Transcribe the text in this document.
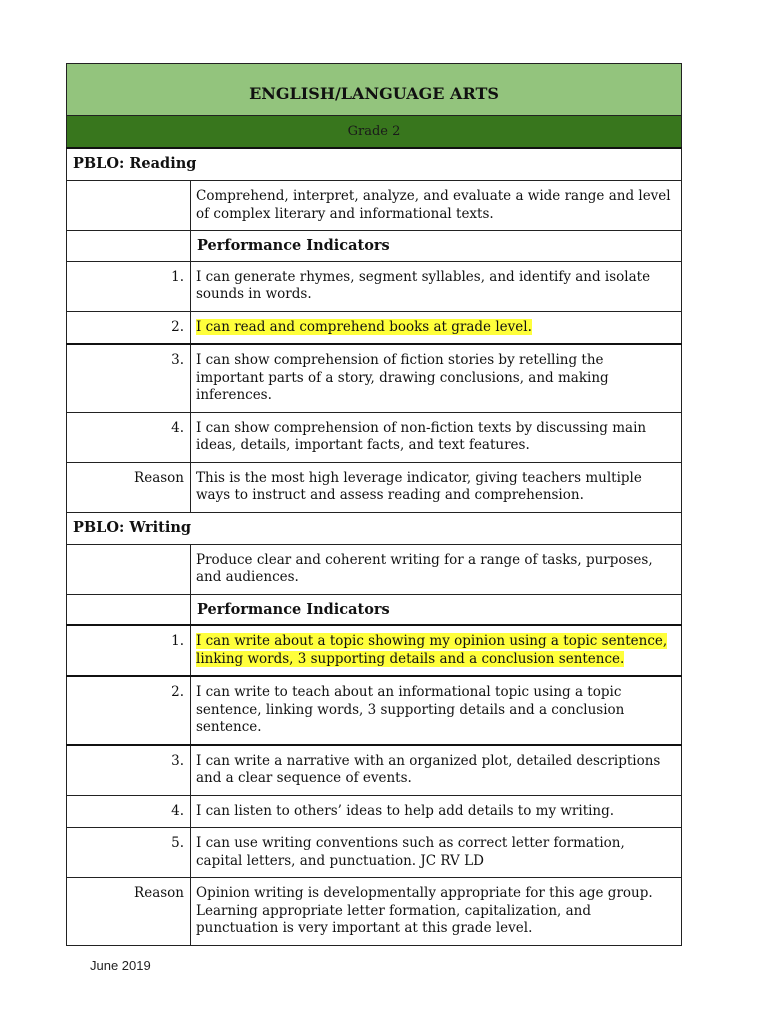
ENGLISH/LANGUAGE ARTS	
Grade 2	
PBLO: Reading	
	Comprehend, interpret, analyze, and evaluate a wide range and level of complex literary and informational texts.
	Performance Indicators
1.	I can generate rhymes, segment syllables, and identify and isolate sounds in words.
2.	I can read and comprehend books at grade level.
3.	I can show comprehension of fiction stories by retelling the important parts of a story, drawing conclusions, and making inferences.
4.	I can show comprehension of non-fiction texts by discussing main ideas, details, important facts, and text features.
Reason	This is the most high leverage indicator, giving teachers multiple ways to instruct and assess reading and comprehension.
PBLO: Writing	
	Produce clear and coherent writing for a range of tasks, purposes, and audiences.
	Performance Indicators
1.	I can write about a topic showing my opinion using a topic sentence, linking words, 3 supporting details and a conclusion sentence.
2.	I can write to teach about an informational topic using a topic sentence, linking words, 3 supporting details and a conclusion sentence.
3.	I can write a narrative with an organized plot, detailed descriptions and a clear sequence of events.
4.	I can listen to others’ ideas to help add details to my writing.
5.	I can use writing conventions such as correct letter formation, capital letters, and punctuation. JC RV LD
Reason	Opinion writing is developmentally appropriate for this age group. Learning appropriate letter formation, capitalization, and punctuation is very important at this grade level.
June 2019
